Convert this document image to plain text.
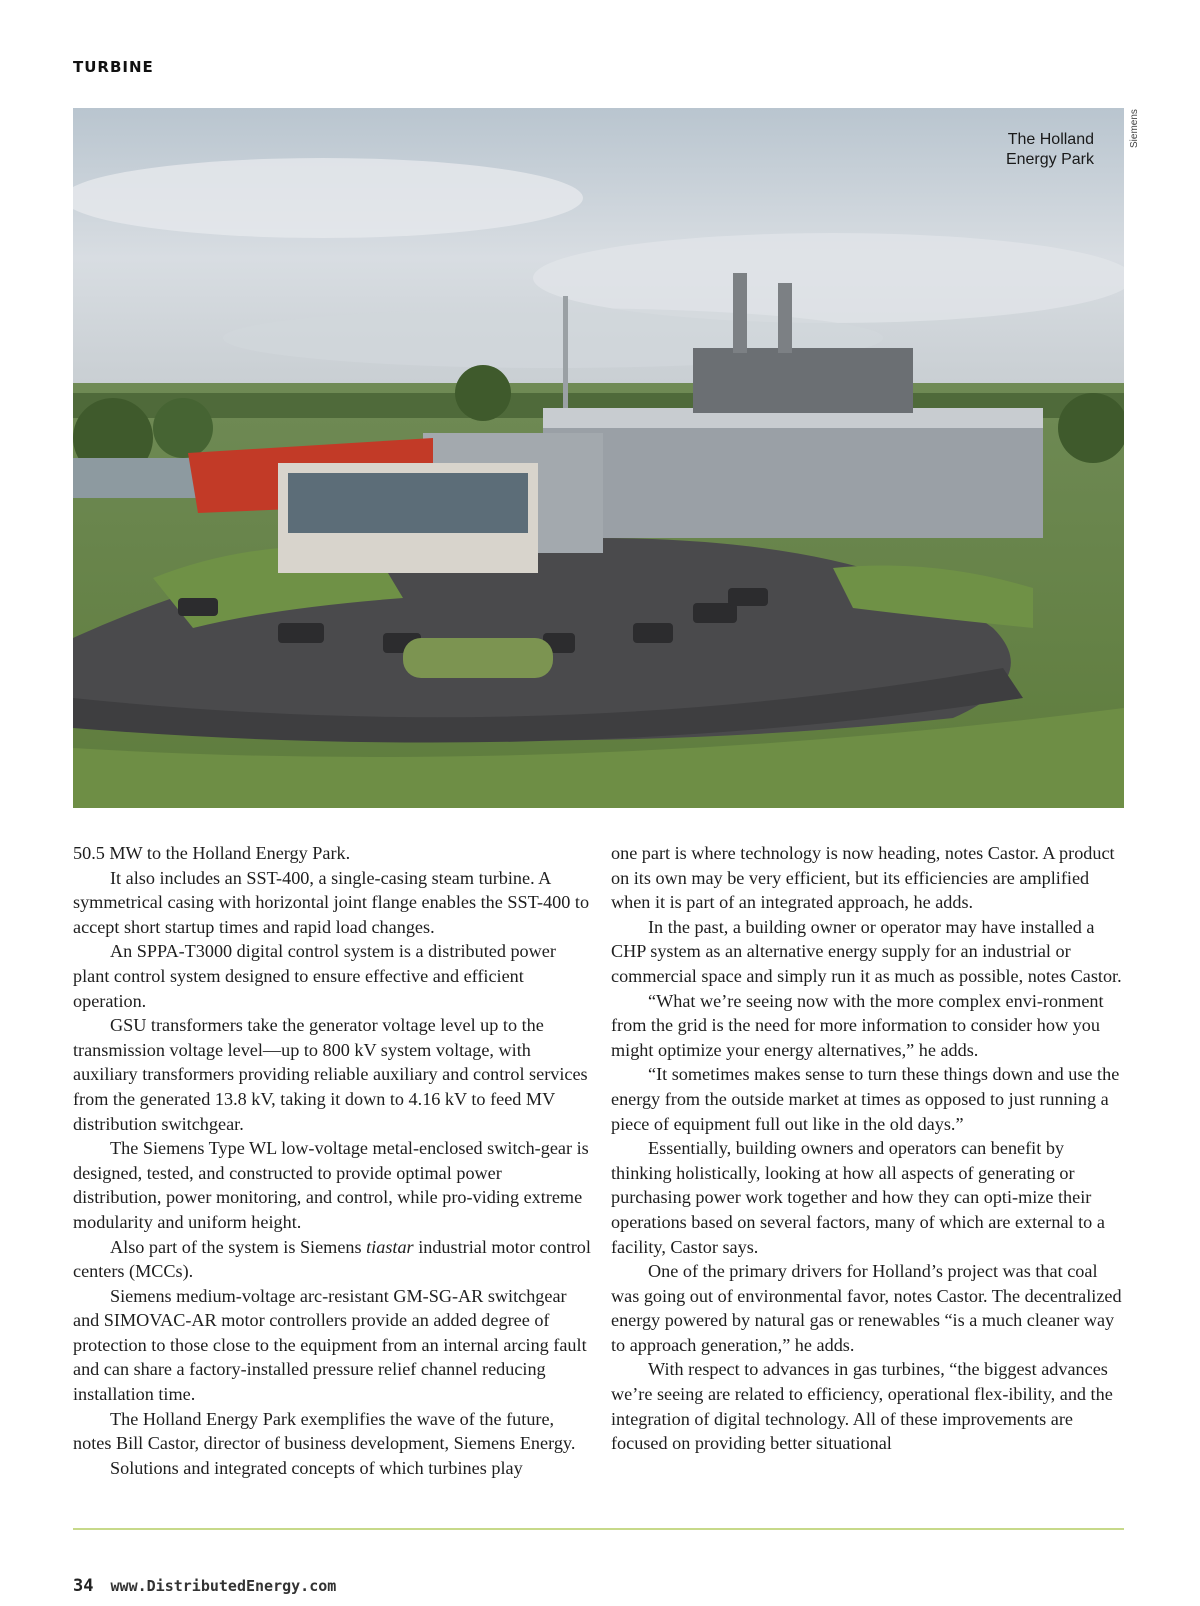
TURBINE
The Holland
Energy Park
Siemens

50.5 MW to the Holland Energy Park.

It also includes an SST-400, a single-casing steam turbine. A symmetrical casing with horizontal joint flange enables the SST-400 to accept short startup times and rapid load changes.

An SPPA-T3000 digital control system is a distributed power plant control system designed to ensure effective and efficient operation.

GSU transformers take the generator voltage level up to the transmission voltage level—up to 800 kV system voltage, with auxiliary transformers providing reliable auxiliary and control services from the generated 13.8 kV, taking it down to 4.16 kV to feed MV distribution switchgear.

The Siemens Type WL low-voltage metal-enclosed switch-gear is designed, tested, and constructed to provide optimal power distribution, power monitoring, and control, while pro-viding extreme modularity and uniform height.

Also part of the system is Siemens tiastar industrial motor control centers (MCCs).

Siemens medium-voltage arc-resistant GM-SG-AR switchgear and SIMOVAC-AR motor controllers provide an added degree of protection to those close to the equipment from an internal arcing fault and can share a factory-installed pressure relief channel reducing installation time.

The Holland Energy Park exemplifies the wave of the future, notes Bill Castor, director of business development, Siemens Energy.

Solutions and integrated concepts of which turbines play

one part is where technology is now heading, notes Castor. A product on its own may be very efficient, but its efficiencies are amplified when it is part of an integrated approach, he adds.

In the past, a building owner or operator may have installed a CHP system as an alternative energy supply for an industrial or commercial space and simply run it as much as possible, notes Castor.

“What we’re seeing now with the more complex envi-ronment from the grid is the need for more information to consider how you might optimize your energy alternatives,” he adds.

“It sometimes makes sense to turn these things down and use the energy from the outside market at times as opposed to just running a piece of equipment full out like in the old days.”

Essentially, building owners and operators can benefit by thinking holistically, looking at how all aspects of generating or purchasing power work together and how they can opti-mize their operations based on several factors, many of which are external to a facility, Castor says.

One of the primary drivers for Holland’s project was that coal was going out of environmental favor, notes Castor. The decentralized energy powered by natural gas or renewables “is a much cleaner way to approach generation,” he adds.

With respect to advances in gas turbines, “the biggest advances we’re seeing are related to efficiency, operational flex-ibility, and the integration of digital technology. All of these improvements are focused on providing better situational

34 www.DistributedEnergy.com
